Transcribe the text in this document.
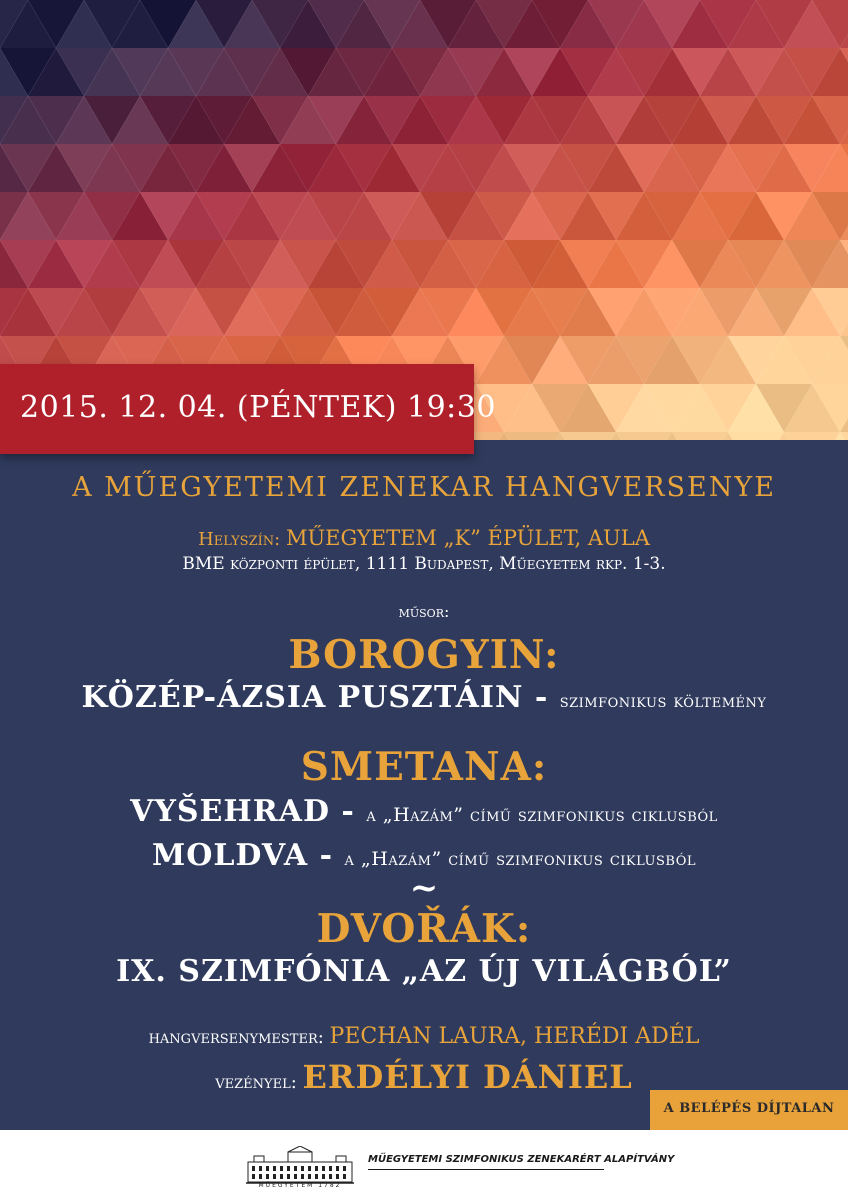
2015. 12. 04. (PÉNTEK) 19:30
A MŰEGYETEMI ZENEKAR HANGVERSENYE
Helyszín: MŰEGYETEM „K” ÉPÜLET, AULA
BME központi épület, 1111 Budapest, Műegyetem rkp. 1-3.
műsor:
BOROGYIN:
KÖZÉP-ÁZSIA PUSZTÁIN - szimfonikus költemény
SMETANA:
VYŠEHRAD - a „Hazám” című szimfonikus ciklusból
MOLDVA - a „Hazám” című szimfonikus ciklusból
~
DVOŘÁK:
IX. SZIMFÓNIA „AZ ÚJ VILÁGBÓL”
hangversenymester: PECHAN LAURA, HERÉDI ADÉL
vezényel: ERDÉLYI DÁNIEL
A BELÉPÉS DÍJTALAN
MŰEGYETEM 1782
MŰEGYETEMI SZIMFONIKUS ZENEKARÉRT ALAPÍTVÁNY
